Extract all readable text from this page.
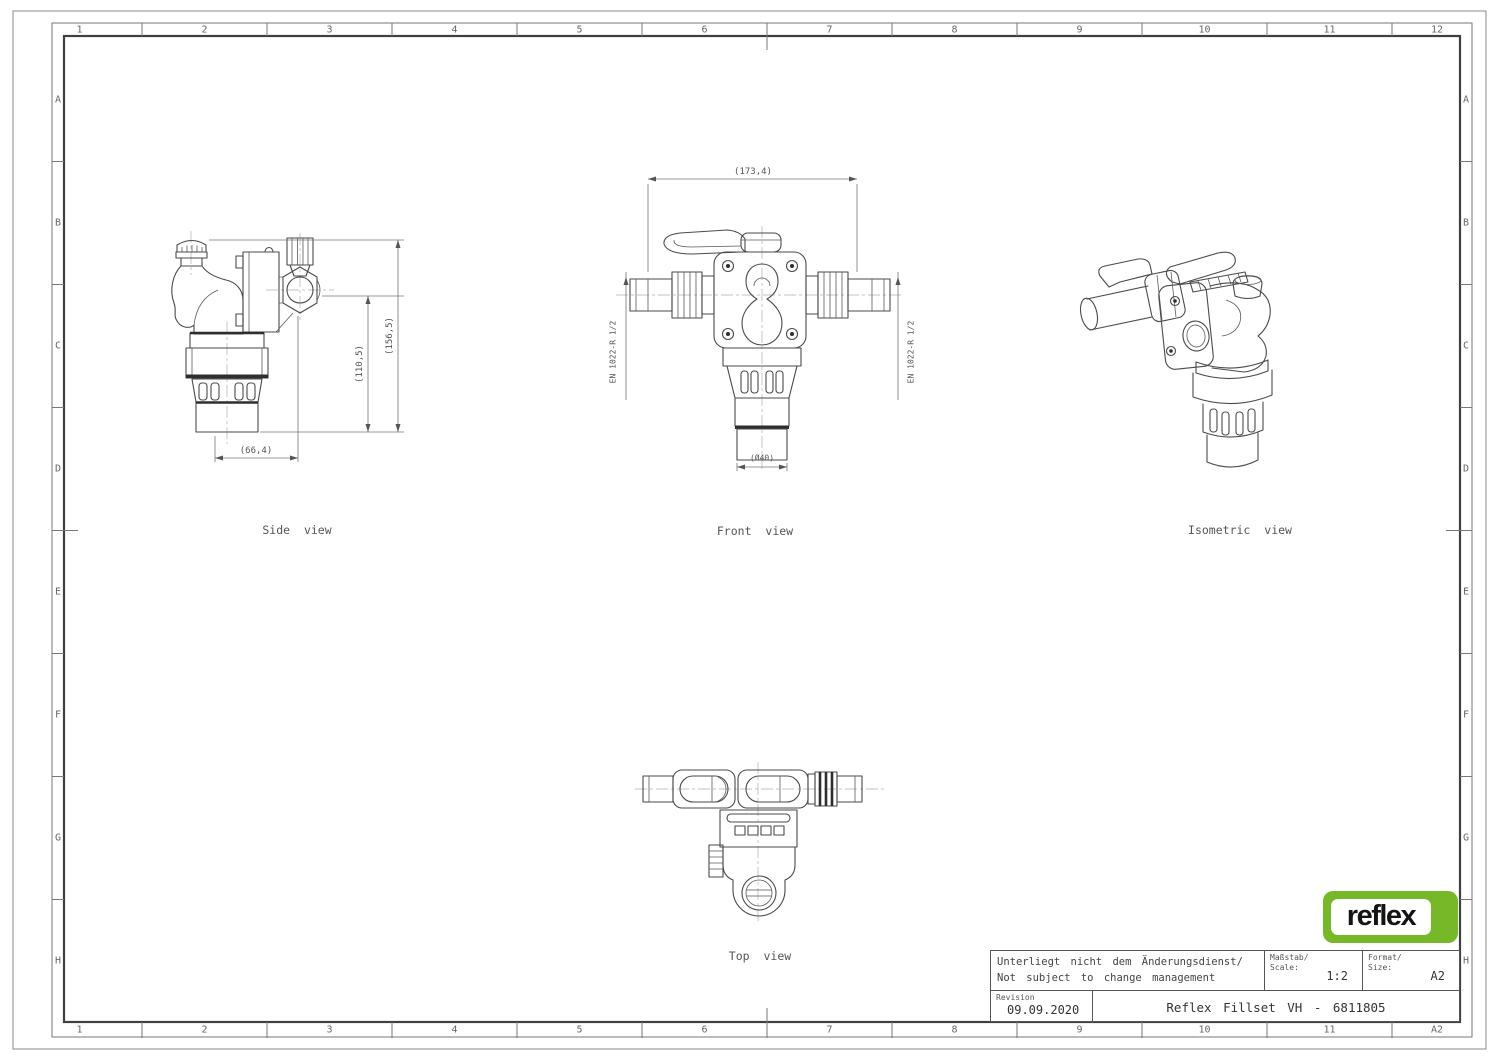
1	2	3	4	5	6	7	8	9	10	11	12
1	2	3	4	5	6	7	8	9	10	11	A2
A
B
C
D
E
F
G
H
A
B
C
D
E
F
G
H
(66,4)
(110,5)
(156,5)
Side view
(173,4)
(Ø40)
EN 1022-R 1/2	EN 1022-R 1/2
Front view	Isometric view
Top view	Unterliegt nicht dem Änderungsdienst/
Not subject to change management
Maßstab/
Scale:
1:2
Format/
Size:
A2
Revision
09.09.2020	Reflex Fillset VH - 6811805
reflex
